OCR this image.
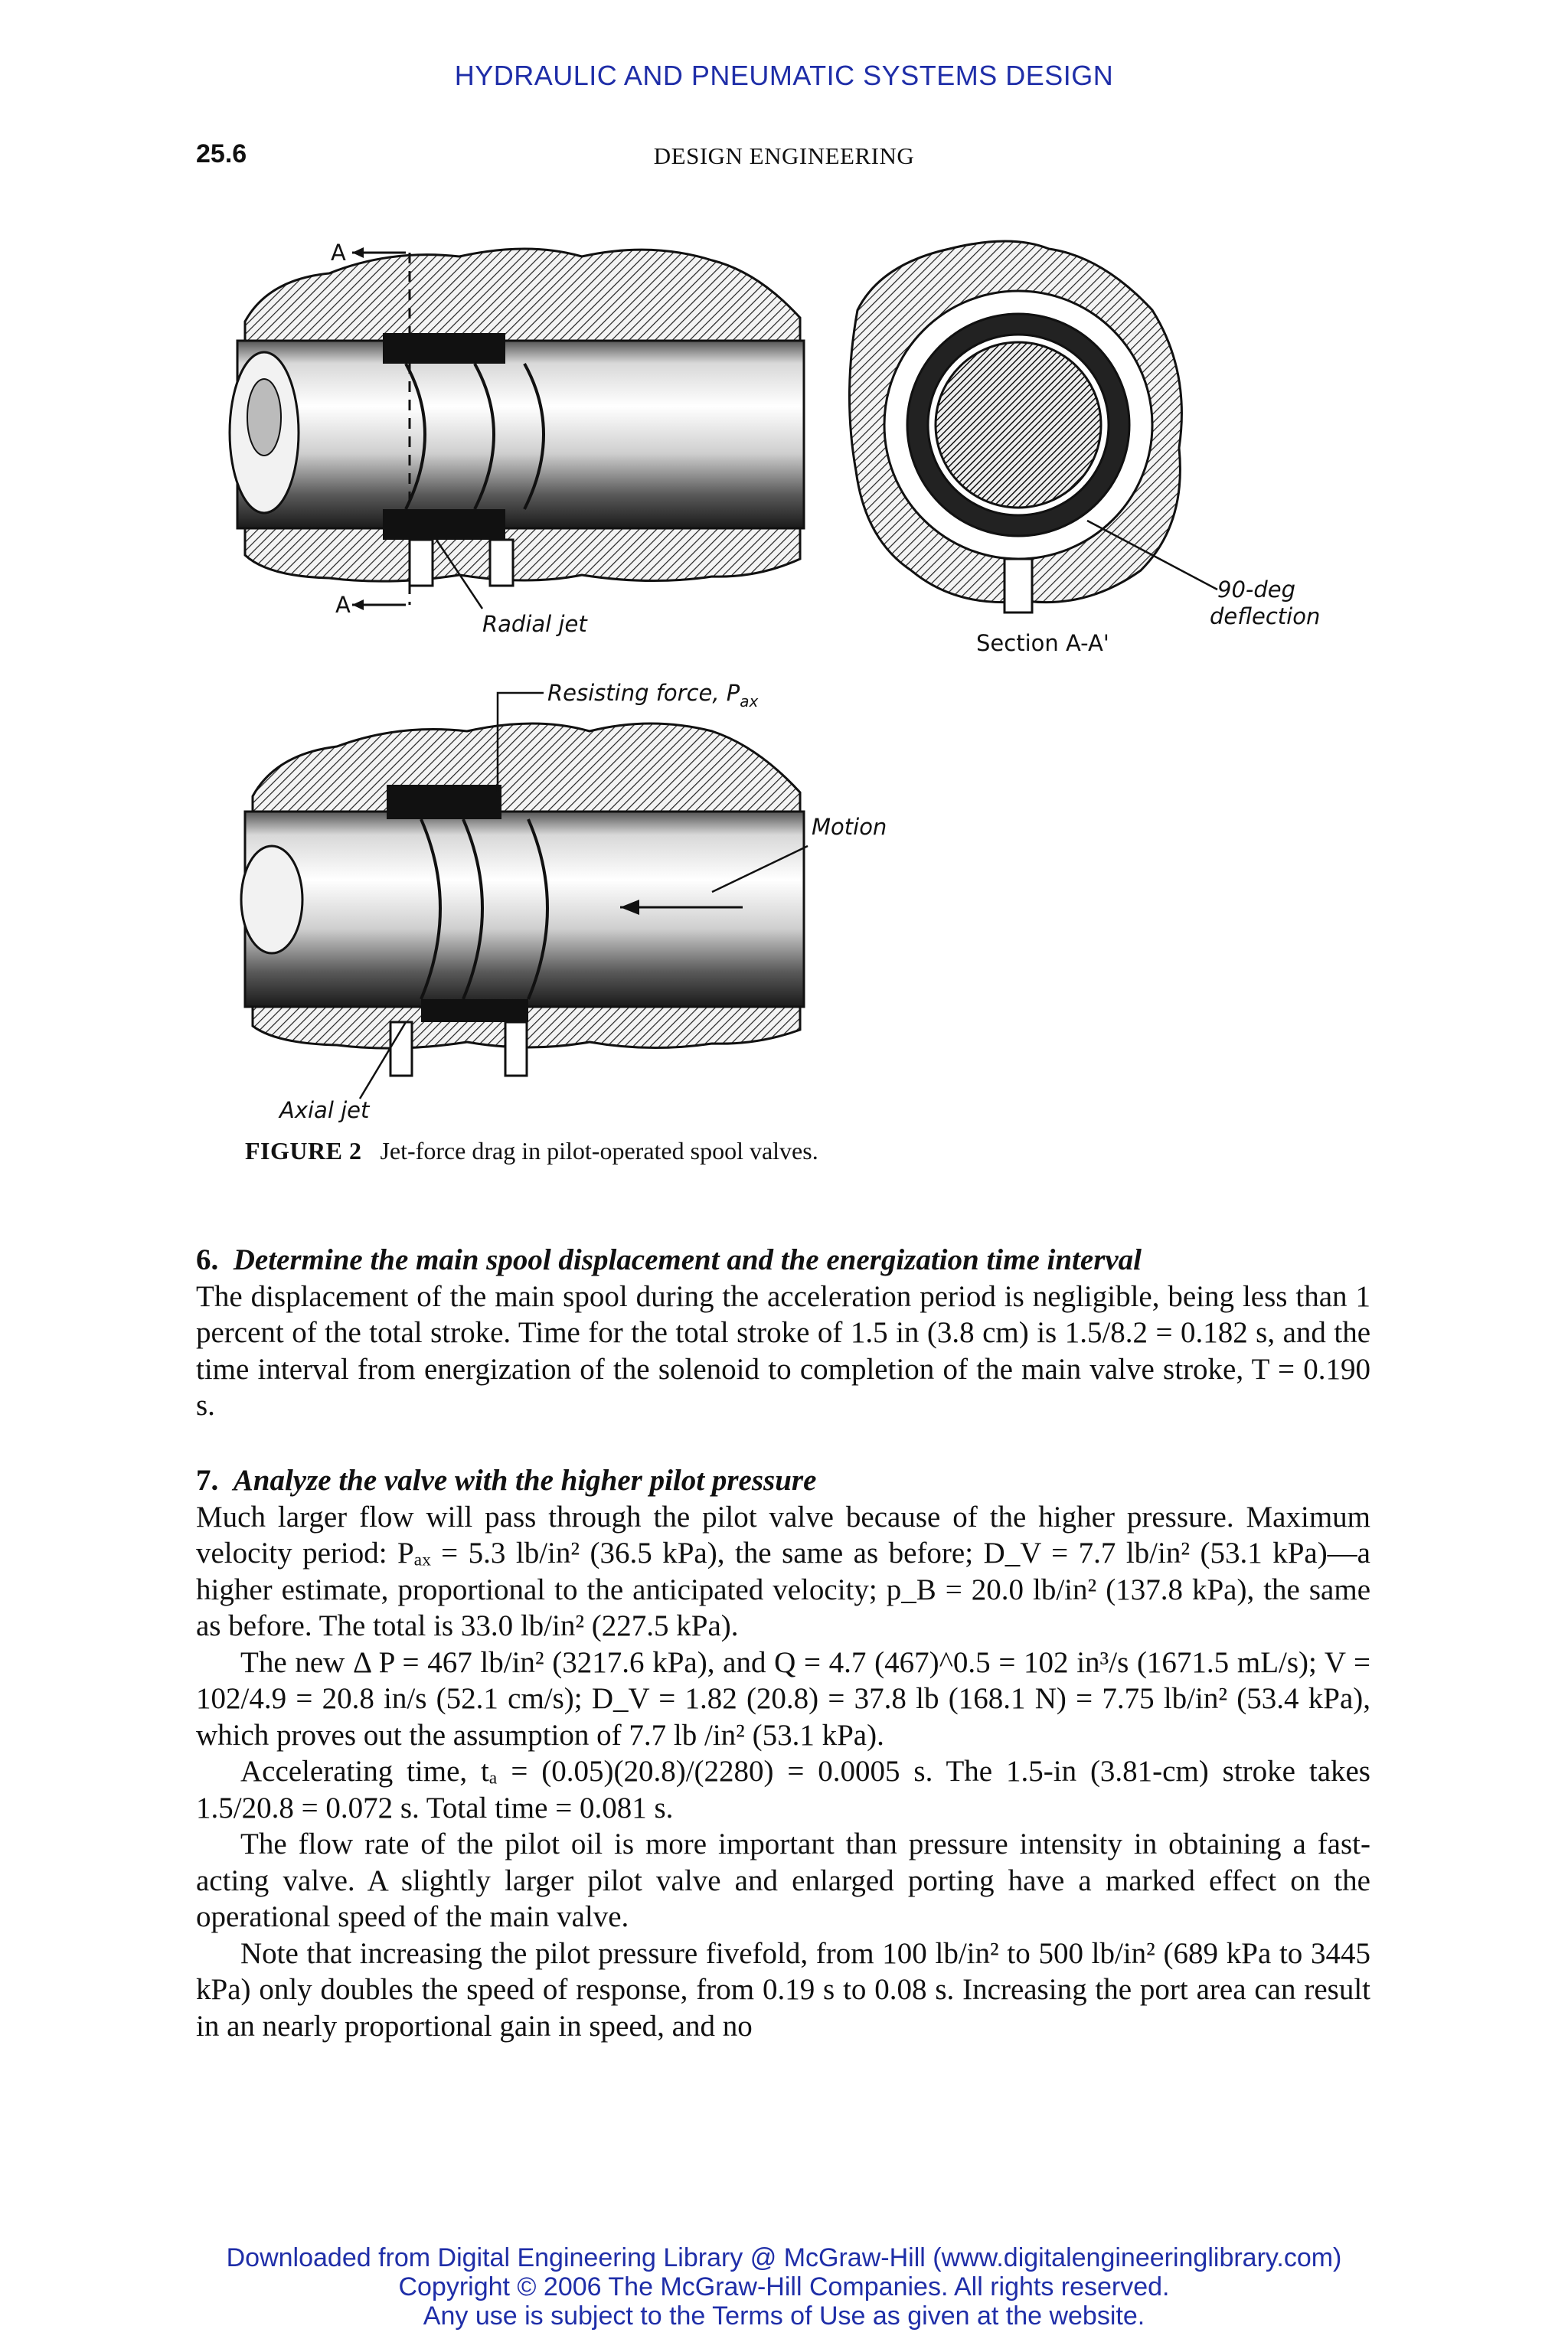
HYDRAULIC AND PNEUMATIC SYSTEMS DESIGN
25.6	DESIGN ENGINEERING
A
A
Radial jet
Section A-A'
90-deg
deflection
Motion
Resisting force, $P_{ax}$
Axial jet
FIGURE 2 Jet-force drag in pilot-operated spool valves.

6. Determine the main spool displacement and the energization time interval

The displacement of the main spool during the acceleration period is negligible, being less than 1 percent of the total stroke. Time for the total stroke of 1.5 in (3.8 cm) is 1.5/8.2 = 0.182 s, and the time interval from energization of the solenoid to completion of the main valve stroke, T = 0.190 s.

7. Analyze the valve with the higher pilot pressure

Much larger flow will pass through the pilot valve because of the higher pressure. Maximum velocity period: Pₐₓ = 5.3 lb/in² (36.5 kPa), the same as before; D_V = 7.7 lb/in² (53.1 kPa)—a higher estimate, proportional to the anticipated velocity; p_B = 20.0 lb/in² (137.8 kPa), the same as before. The total is 33.0 lb/in² (227.5 kPa).

The new Δ P = 467 lb/in² (3217.6 kPa), and Q = 4.7 (467)^0.5 = 102 in³/s (1671.5 mL/s); V = 102/4.9 = 20.8 in/s (52.1 cm/s); D_V = 1.82 (20.8) = 37.8 lb (168.1 N) = 7.75 lb/in² (53.4 kPa), which proves out the assumption of 7.7 lb /in² (53.1 kPa).

Accelerating time, tₐ = (0.05)(20.8)/(2280) = 0.0005 s. The 1.5-in (3.81-cm) stroke takes 1.5/20.8 = 0.072 s. Total time = 0.081 s.

The flow rate of the pilot oil is more important than pressure intensity in obtaining a fast-acting valve. A slightly larger pilot valve and enlarged porting have a marked effect on the operational speed of the main valve.

Note that increasing the pilot pressure fivefold, from 100 lb/in² to 500 lb/in² (689 kPa to 3445 kPa) only doubles the speed of response, from 0.19 s to 0.08 s. Increasing the port area can result in an nearly proportional gain in speed, and no

Downloaded from Digital Engineering Library @ McGraw-Hill (www.digitalengineeringlibrary.com)
Copyright © 2006 The McGraw-Hill Companies. All rights reserved.
Any use is subject to the Terms of Use as given at the website.
